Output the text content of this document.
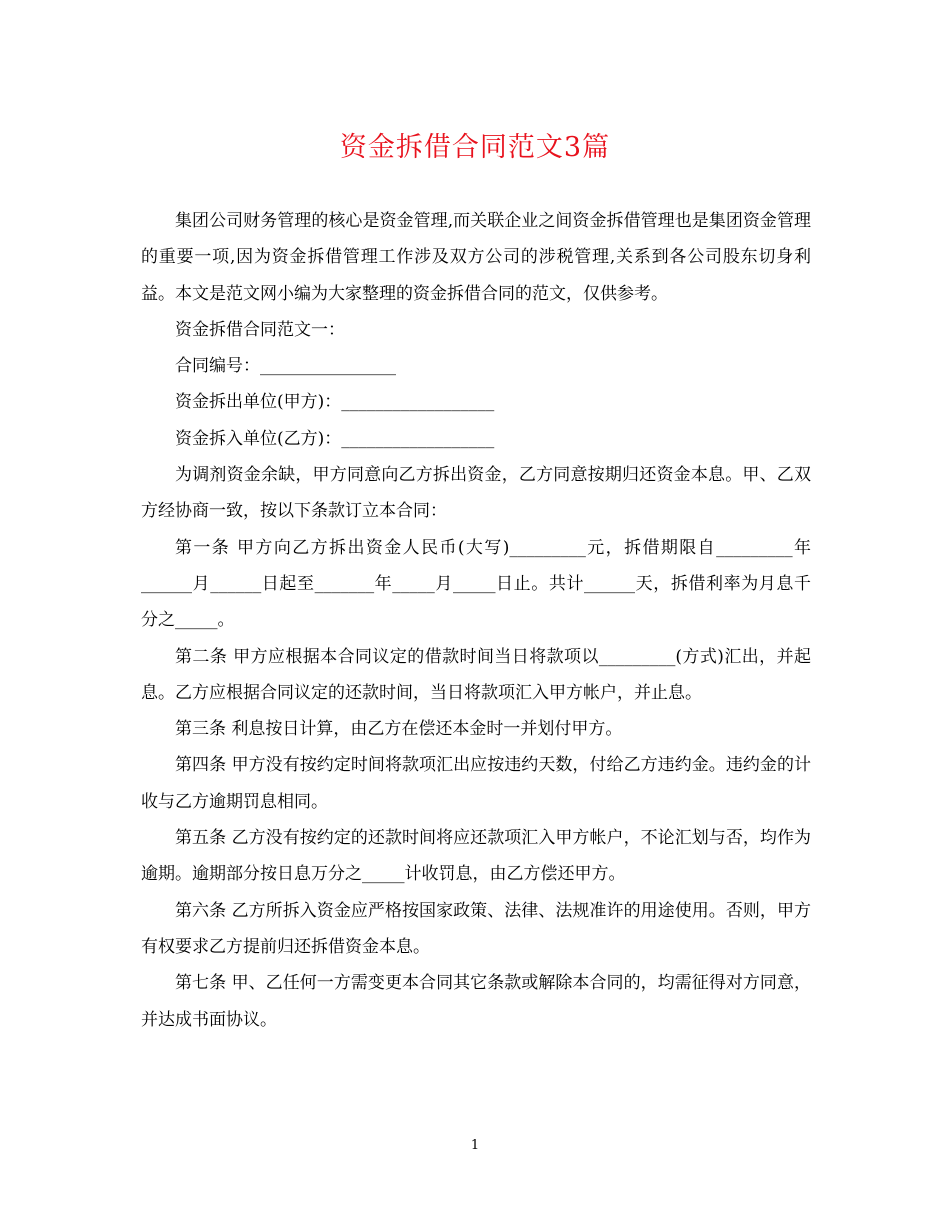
资金拆借合同范文3篇

集团公司财务管理的核心是资金管理,而关联企业之间资金拆借管理也是集团资金管理的重要一项,因为资金拆借管理工作涉及双方公司的涉税管理,关系到各公司股东切身利益。本文是范文网小编为大家整理的资金拆借合同的范文，仅供参考。

资金拆借合同范文一：

合同编号：________________

资金拆出单位(甲方)：__________________

资金拆入单位(乙方)：__________________

为调剂资金余缺，甲方同意向乙方拆出资金，乙方同意按期归还资金本息。甲、乙双方经协商一致，按以下条款订立本合同：

第一条 甲方向乙方拆出资金人民币(大写)_________元，拆借期限自_________年______月______日起至_______年_____月_____日止。共计______天，拆借利率为月息千分之_____。

第二条 甲方应根据本合同议定的借款时间当日将款项以_________(方式)汇出，并起息。乙方应根据合同议定的还款时间，当日将款项汇入甲方帐户，并止息。

第三条 利息按日计算，由乙方在偿还本金时一并划付甲方。

第四条 甲方没有按约定时间将款项汇出应按违约天数，付给乙方违约金。违约金的计收与乙方逾期罚息相同。

第五条 乙方没有按约定的还款时间将应还款项汇入甲方帐户，不论汇划与否，均作为逾期。逾期部分按日息万分之_____计收罚息，由乙方偿还甲方。

第六条 乙方所拆入资金应严格按国家政策、法律、法规准许的用途使用。否则，甲方有权要求乙方提前归还拆借资金本息。

第七条 甲、乙任何一方需变更本合同其它条款或解除本合同的，均需征得对方同意，并达成书面协议。

1
